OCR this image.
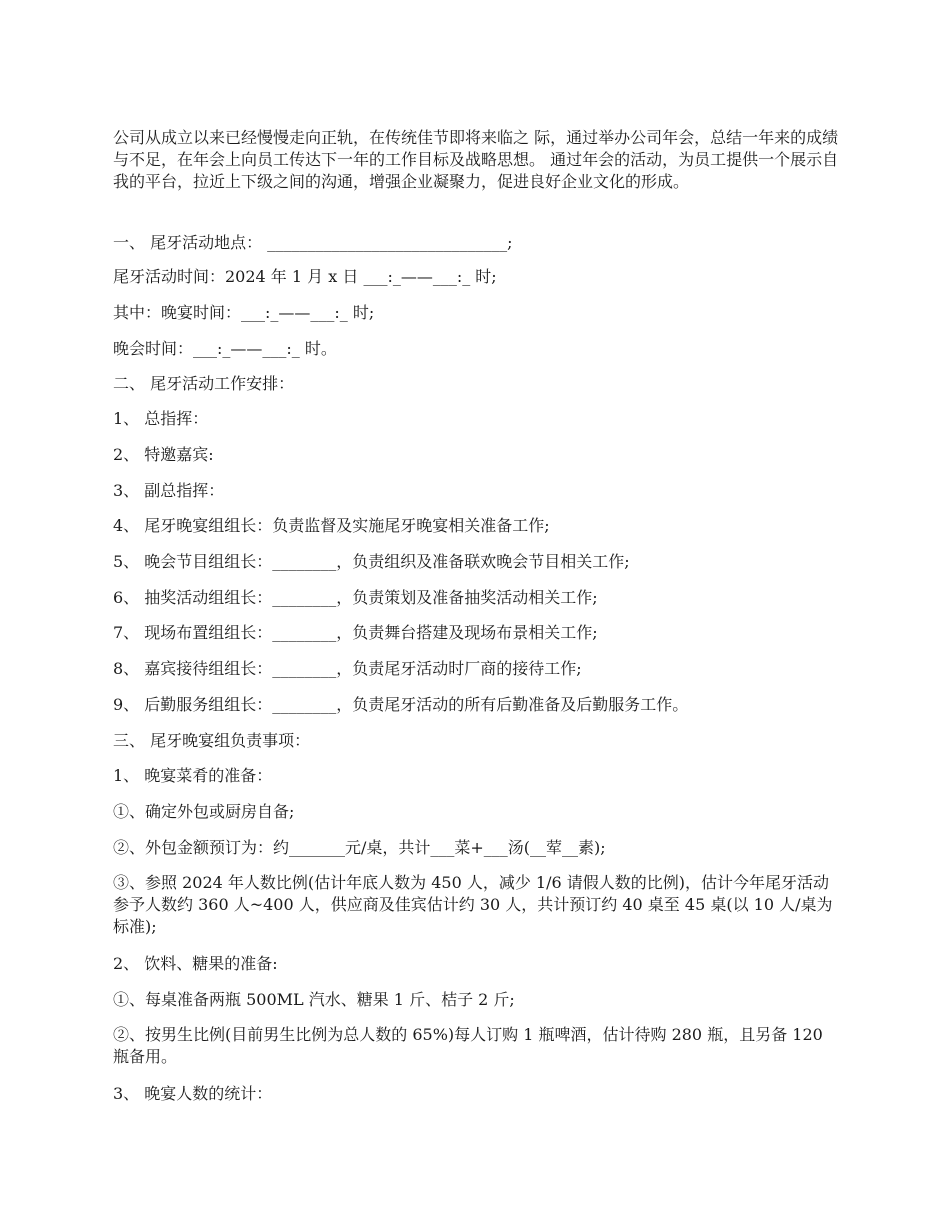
公司从成立以来已经慢慢走向正轨，在传统佳节即将来临之 际，通过举办公司年会，总结一年来的成绩与不足，在年会上向员工传达下一年的工作目标及战略思想。 通过年会的活动，为员工提供一个展示自我的平台，拉近上下级之间的沟通，增强企业凝聚力，促进良好企业文化的形成。

一、 尾牙活动地点： ______________________________;

尾牙活动时间：2024 年 1 月 x 日 ___:_——___:_ 时;

其中：晚宴时间：___:_——___:_ 时;

晚会时间：___:_——___:_ 时。

二、 尾牙活动工作安排：

1、 总指挥：

2、 特邀嘉宾:

3、 副总指挥：

4、 尾牙晚宴组组长：负责监督及实施尾牙晚宴相关准备工作;

5、 晚会节目组组长：________，负责组织及准备联欢晚会节目相关工作;

6、 抽奖活动组组长：________，负责策划及准备抽奖活动相关工作;

7、 现场布置组组长：________，负责舞台搭建及现场布景相关工作;

8、 嘉宾接待组组长：________，负责尾牙活动时厂商的接待工作;

9、 后勤服务组组长：________，负责尾牙活动的所有后勤准备及后勤服务工作。

三、 尾牙晚宴组负责事项：

1、 晚宴菜肴的准备：

①、确定外包或厨房自备;

②、外包金额预订为：约_______元/桌，共计___菜+___汤(__荤__素);

③、参照 2024 年人数比例(估计年底人数为 450 人，减少 1/6 请假人数的比例)，估计今年尾牙活动参予人数约 360 人~400 人，供应商及佳宾估计约 30 人，共计预订约 40 桌至 45 桌(以 10 人/桌为标准);

2、 饮料、糖果的准备:

①、每桌准备两瓶 500ML 汽水、糖果 1 斤、桔子 2 斤;

②、按男生比例(目前男生比例为总人数的 65%)每人订购 1 瓶啤酒，估计待购 280 瓶，且另备 120 瓶备用。

3、 晚宴人数的统计：
